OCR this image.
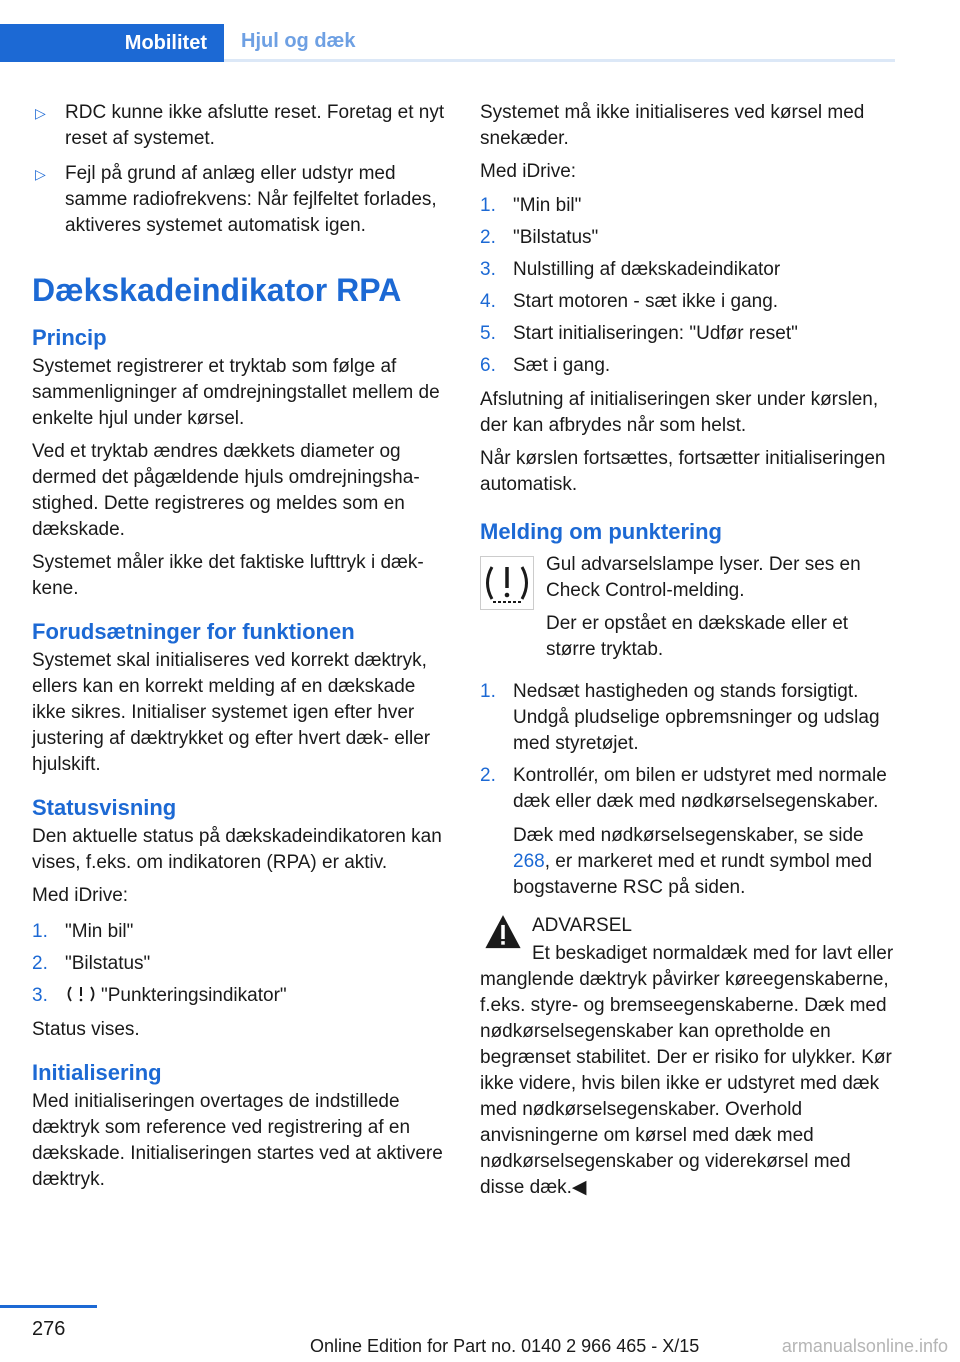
Mobilitet	Hjul og dæk
▷ RDC kunne ikke afslutte reset. Foretag et nyt reset af systemet.
▷ Fejl på grund af anlæg eller udstyr med samme radiofrekvens: Når fejlfeltet forlades, aktiveres systemet automatisk igen.
Dækskadeindikator RPA
Princip

Systemet registrerer et tryktab som følge af sammenligninger af omdrejningstallet mellem de enkelte hjul under kørsel.

Ved et tryktab ændres dækkets diameter og dermed det pågældende hjuls omdrejningshastighed. Dette registreres og meldes som en dækskade.

Systemet måler ikke det faktiske lufttryk i dækkene.

Forudsætninger for funktionen

Systemet skal initialiseres ved korrekt dæktryk, ellers kan en korrekt melding af en dækskade ikke sikres. Initialiser systemet igen efter hver justering af dæktrykket og efter hvert dæk- eller hjulskift.

Statusvisning

Den aktuelle status på dækskadeindikatoren kan vises, f.eks. om indikatoren (RPA) er aktiv.

Med iDrive:

1. "Min bil"
2. "Bilstatus"
3.	"Punkteringsindikator"

Status vises.

Initialisering

Med initialiseringen overtages de indstillede dæktryk som reference ved registrering af en dækskade. Initialiseringen startes ved at aktivere dæktryk.

Systemet må ikke initialiseres ved kørsel med snekæder.

Med iDrive:

1. "Min bil"
2. "Bilstatus"
3. Nulstilling af dækskadeindikator
4. Start motoren - sæt ikke i gang.
5. Start initialiseringen: "Udfør reset"
6. Sæt i gang.

Afslutning af initialiseringen sker under kørslen, der kan afbrydes når som helst.

Når kørslen fortsættes, fortsætter initialiseringen automatisk.

Melding om punktering

Gul advarselslampe lyser. Der ses en Check Control-melding.

Der er opstået en dækskade eller et større tryktab.

1. Nedsæt hastigheden og stands forsigtigt. Undgå pludselige opbremsninger og udslag med styretøjet.
2. Kontrollér, om bilen er udstyret med normale dæk eller dæk med nødkørselsegenskaber.
Dæk med nødkørselsegenskaber, se side 268, er markeret med et rundt symbol med bogstaverne RSC på siden.

ADVARSEL

Et beskadiget normaldæk med for lavt eller manglende dæktryk påvirker køreegenskaberne, f.eks. styre- og bremseegenskaberne. Dæk med nødkørselsegenskaber kan opretholde en begrænset stabilitet. Der er risiko for ulykker. Kør ikke videre, hvis bilen ikke er udstyret med dæk med nødkørselsegenskaber. Overhold anvisningerne om kørsel med dæk med nødkørselsegenskaber og viderekørsel med disse dæk.◀

276
Online Edition for Part no. 0140 2 966 465 - X/15	armanualsonline.info
